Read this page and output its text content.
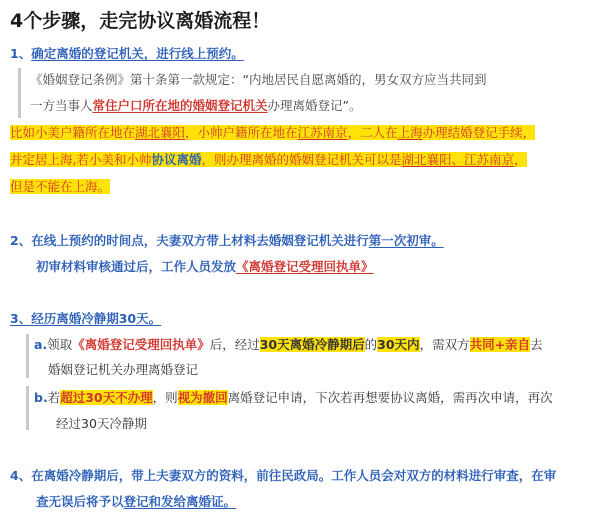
4个步骤，走完协议离婚流程！
1、确定离婚的登记机关，进行线上预约。
《婚姻登记条例》第十条第一款规定：“内地居民自愿离婚的，男女双方应当共同到
一方当事人常住户口所在地的婚姻登记机关办理离婚登记”。
比如小美户籍所在地在湖北襄阳，小帅户籍所在地在江苏南京，二人在上海办理结婚登记手续，
并定居上海,若小美和小帅协议离婚，则办理离婚的婚姻登记机关可以是湖北襄阳、江苏南京，
但是不能在上海。
2、在线上预约的时间点，夫妻双方带上材料去婚姻登记机关进行第一次初审。
初审材料审核通过后，工作人员发放《离婚登记受理回执单》
3、经历离婚冷静期30天。
a.领取《离婚登记受理回执单》后，经过30天离婚冷静期后的30天内，需双方共同+亲自去
婚姻登记机关办理离婚登记
b.若超过30天不办理，则视为撤回离婚登记申请，下次若再想要协议离婚，需再次申请，再次
经过30天冷静期
4、在离婚冷静期后，带上夫妻双方的资料，前往民政局。工作人员会对双方的材料进行审查，在审
查无误后将予以登记和发给离婚证。
